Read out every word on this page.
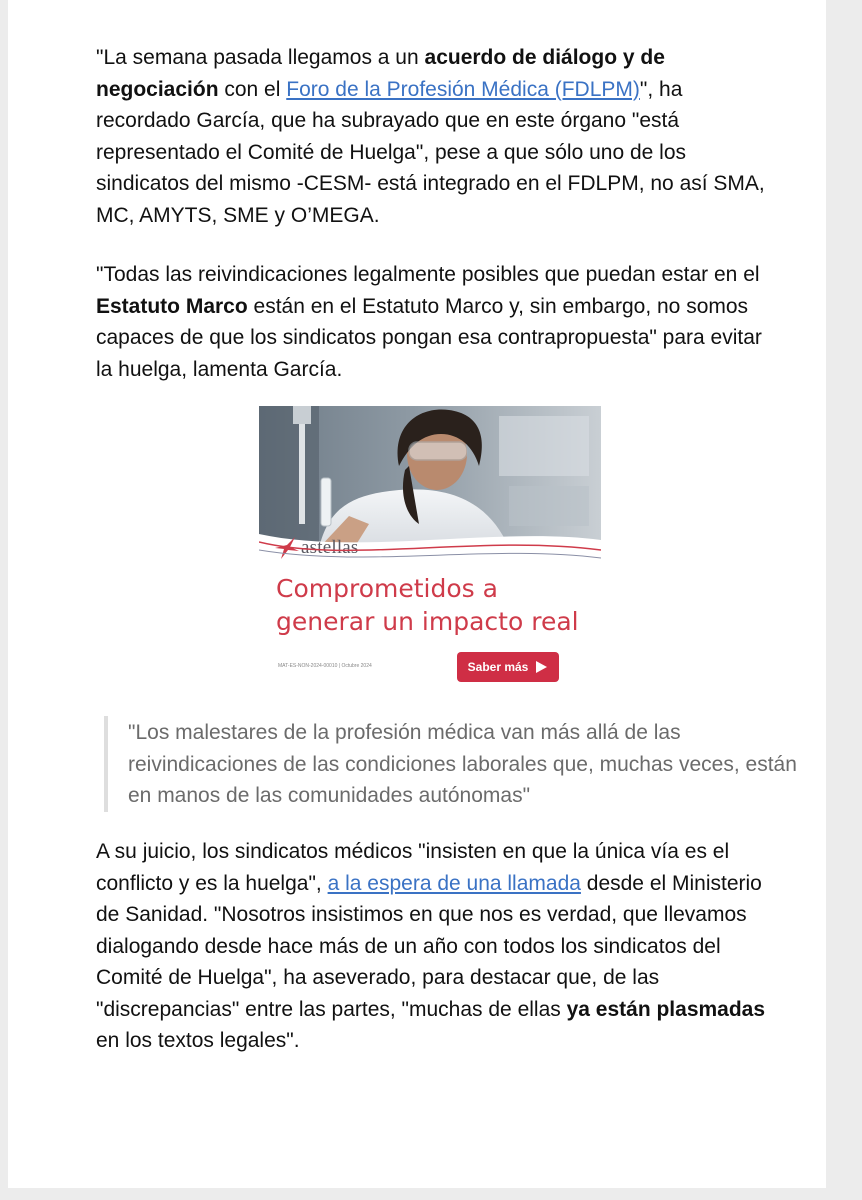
"La semana pasada llegamos a un acuerdo de diálogo y de negociación con el Foro de la Profesión Médica (FDLPM)", ha recordado García, que ha subrayado que en este órgano "está representado el Comité de Huelga", pese a que sólo uno de los sindicatos del mismo -CESM- está integrado en el FDLPM, no así SMA, MC, AMYTS, SME y O’MEGA.

"Todas las reivindicaciones legalmente posibles que puedan estar en el Estatuto Marco están en el Estatuto Marco y, sin embargo, no somos capaces de que los sindicatos pongan esa contrapropuesta" para evitar la huelga, lamenta García.

astellas
Comprometidos a
generar un impacto real
MAT-ES-NON-2024-00010 | Octubre 2024	Saber más
"Los malestares de la profesión médica van más allá de las reivindicaciones de las condiciones laborales que, muchas veces, están en manos de las comunidades autónomas"

A su juicio, los sindicatos médicos "insisten en que la única vía es el conflicto y es la huelga", a la espera de una llamada desde el Ministerio de Sanidad. "Nosotros insistimos en que nos es verdad, que llevamos dialogando desde hace más de un año con todos los sindicatos del Comité de Huelga", ha aseverado, para destacar que, de las "discrepancias" entre las partes, "muchas de ellas ya están plasmadas en los textos legales".
